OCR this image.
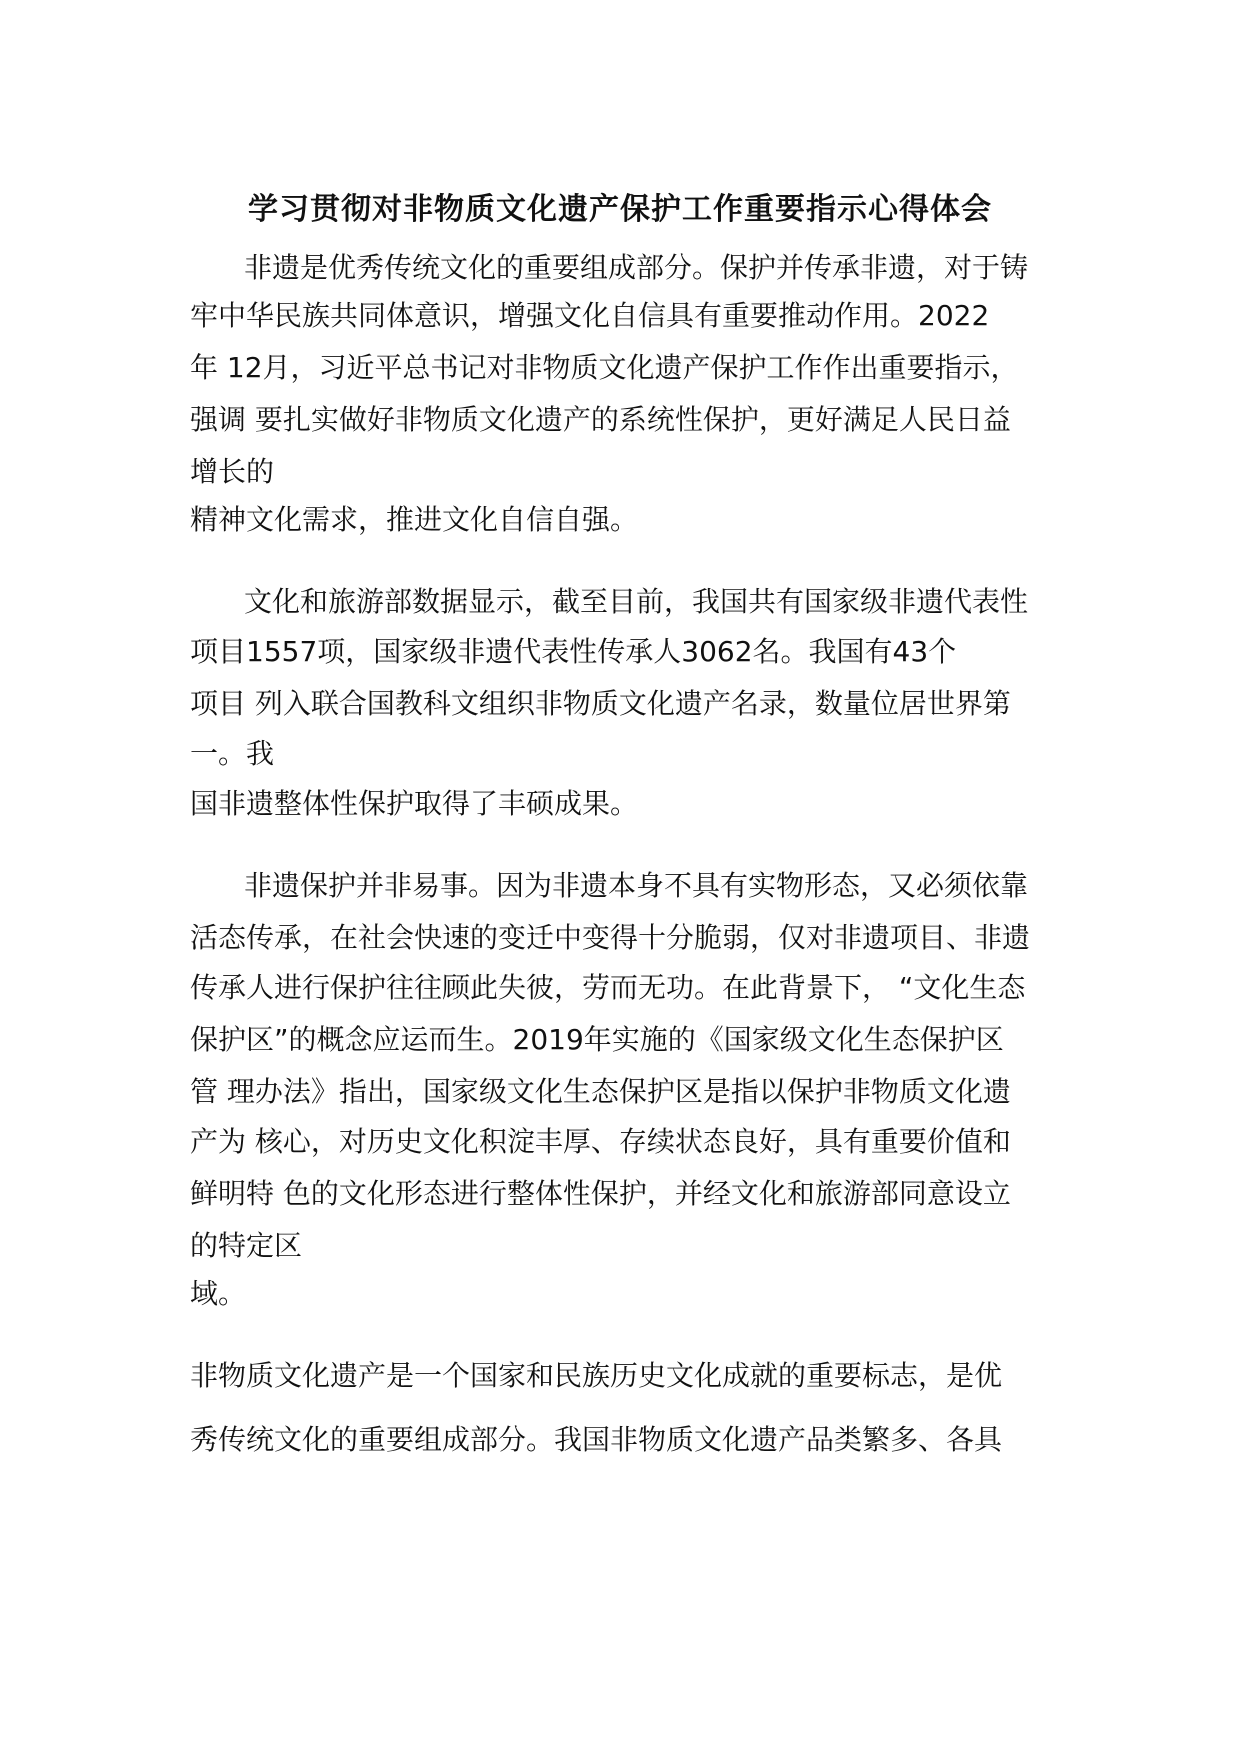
学习贯彻对非物质文化遗产保护工作重要指示心得体会
非遗是优秀传统文化的重要组成部分。保护并传承非遗，对于铸
牢中华民族共同体意识，增强文化自信具有重要推动作用。2022
年 12月，习近平总书记对非物质文化遗产保护工作作出重要指示，
强调 要扎实做好非物质文化遗产的系统性保护，更好满足人民日益
增长的
精神文化需求，推进文化自信自强。
文化和旅游部数据显示，截至目前，我国共有国家级非遗代表性
项目1557项，国家级非遗代表性传承人3062名。我国有43个
项目 列入联合国教科文组织非物质文化遗产名录，数量位居世界第
一。我
国非遗整体性保护取得了丰硕成果。
非遗保护并非易事。因为非遗本身不具有实物形态，又必须依靠
活态传承，在社会快速的变迁中变得十分脆弱，仅对非遗项目、非遗
传承人进行保护往往顾此失彼，劳而无功。在此背景下， “文化生态
保护区”的概念应运而生。2019年实施的《国家级文化生态保护区
管 理办法》指出，国家级文化生态保护区是指以保护非物质文化遗
产为 核心，对历史文化积淀丰厚、存续状态良好，具有重要价值和
鲜明特 色的文化形态进行整体性保护，并经文化和旅游部同意设立
的特定区
域。
非物质文化遗产是一个国家和民族历史文化成就的重要标志，是优
秀传统文化的重要组成部分。我国非物质文化遗产品类繁多、各具
